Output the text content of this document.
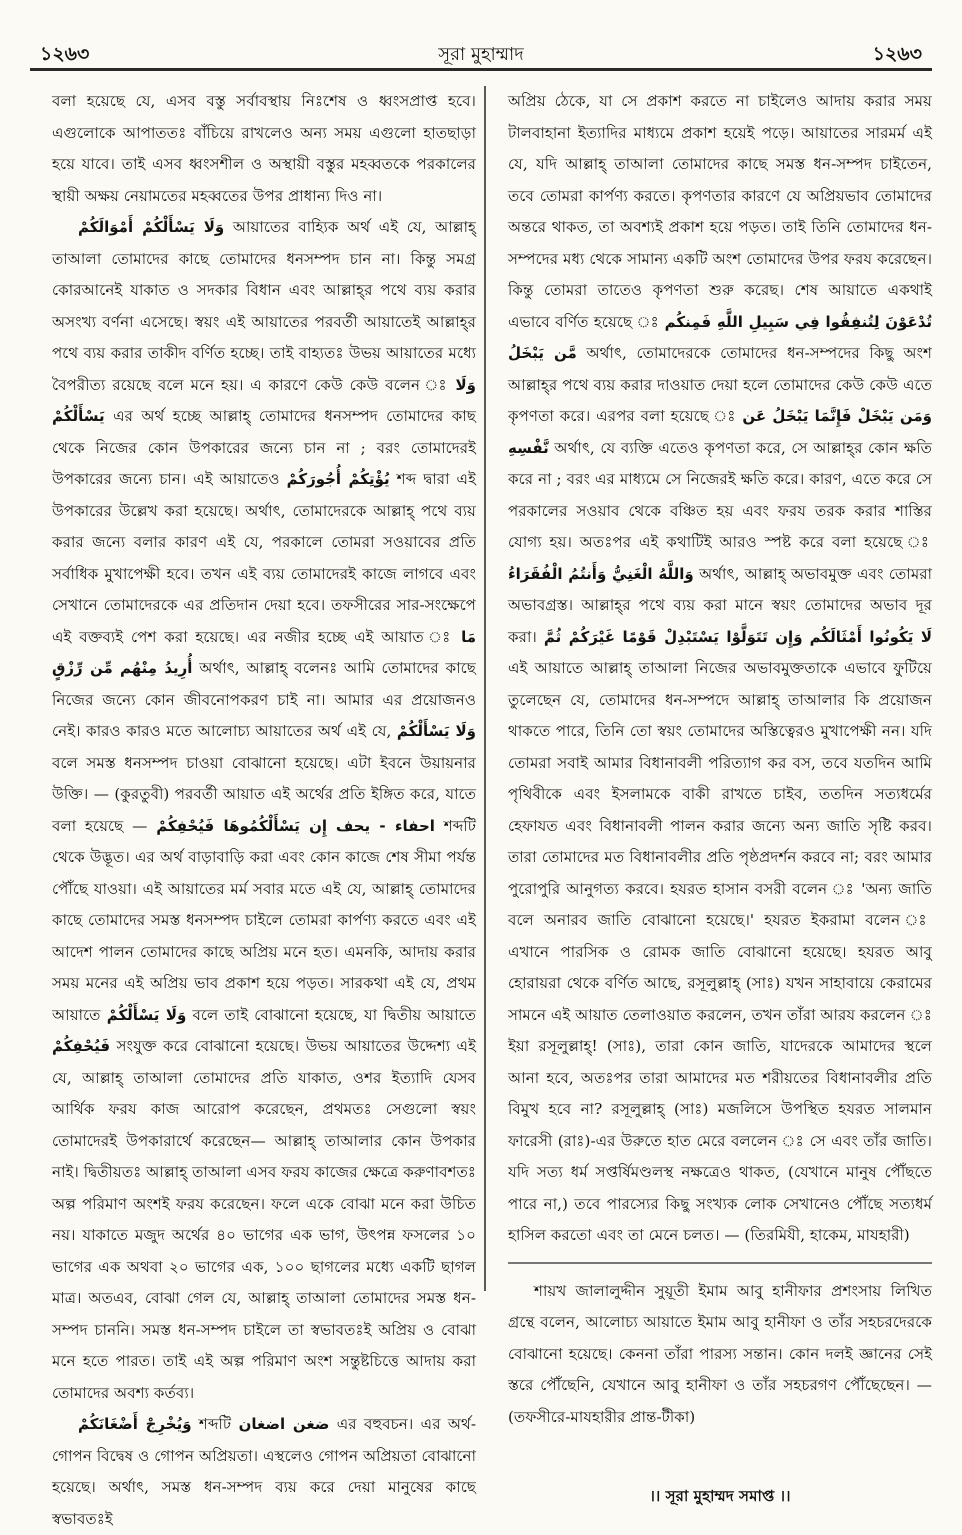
১২৬৩	সূরা মুহাম্মাদ	১২৬৩

বলা হয়েছে যে, এসব বস্তু সর্বাবস্থায় নিঃশেষ ও ধ্বংসপ্রাপ্ত হবে। এগুলোকে আপাততঃ বাঁচিয়ে রাখলেও অন্য সময় এগুলো হাতছাড়া হয়ে যাবে। তাই এসব ধ্বংসশীল ও অস্থায়ী বস্তুর মহব্বতকে পরকালের স্থায়ী অক্ষয় নেয়ামতের মহব্বতের উপর প্রাধান্য দিও না।

وَلَا يَسْأَلْكُمْ أَمْوَالَكُمْ আয়াতের বাহ্যিক অর্থ এই যে, আল্লাহ্ তাআলা তোমাদের কাছে তোমাদের ধনসম্পদ চান না। কিন্তু সমগ্র কোরআনেই যাকাত ও সদকার বিধান এবং আল্লাহ্‌র পথে ব্যয় করার অসংখ্য বর্ণনা এসেছে। স্বয়ং এই আয়াতের পরবর্তী আয়াতেই আল্লাহ্‌র পথে ব্যয় করার তাকীদ বর্ণিত হচ্ছে। তাই বাহ্যতঃ উভয় আয়াতের মধ্যে বৈপরীত্য রয়েছে বলে মনে হয়। এ কারণে কেউ কেউ বলেন ঃ وَلَا يَسْأَلْكُمْ এর অর্থ হচ্ছে আল্লাহ্ তোমাদের ধনসম্পদ তোমাদের কাছ থেকে নিজের কোন উপকারের জন্যে চান না ; বরং তোমাদেরই উপকারের জন্যে চান। এই আয়াতেও يُؤْتِكُمْ أُجُورَكُمْ শব্দ দ্বারা এই উপকারের উল্লেখ করা হয়েছে। অর্থাৎ, তোমাদেরকে আল্লাহ্‌ পথে ব্যয় করার জন্যে বলার কারণ এই যে, পরকালে তোমরা সওয়াবের প্রতি সর্বাধিক মুখাপেক্ষী হবে। তখন এই ব্যয় তোমাদেরই কাজে লাগবে এবং সেখানে তোমাদেরকে এর প্রতিদান দেয়া হবে। তফসীরের সার-সংক্ষেপে এই বক্তব্যই পেশ করা হয়েছে। এর নজীর হচ্ছে এই আয়াত ঃ مَا أُرِيدُ مِنْهُم مِّن رِّزْقٍ অর্থাৎ, আল্লাহ্ বলেনঃ আমি তোমাদের কাছে নিজের জন্যে কোন জীবনোপকরণ চাই না। আমার এর প্রয়োজনও নেই। কারও কারও মতে আলোচ্য আয়াতের অর্থ এই যে, وَلَا يَسْأَلْكُمْ বলে সমস্ত ধনসম্পদ চাওয়া বোঝানো হয়েছে। এটা ইবনে উয়ায়নার উক্তি। — (কুরতুবী) পরবর্তী আয়াত এই অর্থের প্রতি ইঙ্গিত করে, যাতে বলা হয়েছে — إِن يَسْأَلْكُمُوهَا فَيُحْفِكُمْ احفاء - يحف শব্দটি থেকে উদ্ভূত। এর অর্থ বাড়াবাড়ি করা এবং কোন কাজে শেষ সীমা পর্যন্ত পৌঁছে যাওয়া। এই আয়াতের মর্ম সবার মতে এই যে, আল্লাহ্ তোমাদের কাছে তোমাদের সমস্ত ধনসম্পদ চাইলে তোমরা কার্পণ্য করতে এবং এই আদেশ পালন তোমাদের কাছে অপ্রিয় মনে হত। এমনকি, আদায় করার সময় মনের এই অপ্রিয় ভাব প্রকাশ হয়ে পড়ত। সারকথা এই যে, প্রথম আয়াতে وَلَا يَسْأَلْكُمْ বলে তাই বোঝানো হয়েছে, যা দ্বিতীয় আয়াতে فَيُحْفِكُمْ সংযুক্ত করে বোঝানো হয়েছে। উভয় আয়াতের উদ্দেশ্য এই যে, আল্লাহ্ তাআলা তোমাদের প্রতি যাকাত, ওশর ইত্যাদি যেসব আর্থিক ফরয কাজ আরোপ করেছেন, প্রথমতঃ সেগুলো স্বয়ং তোমাদেরই উপকারার্থে করেছেন— আল্লাহ্ তাআলার কোন উপকার নাই। দ্বিতীয়তঃ আল্লাহ্ তাআলা এসব ফরয কাজের ক্ষেত্রে করুণাবশতঃ অল্প পরিমাণ অংশই ফরয করেছেন। ফলে একে বোঝা মনে করা উচিত নয়। যাকাতে মজুদ অর্থের ৪০ ভাগের এক ভাগ, উৎপন্ন ফসলের ১০ ভাগের এক অথবা ২০ ভাগের এক, ১০০ ছাগলের মধ্যে একটি ছাগল মাত্র। অতএব, বোঝা গেল যে, আল্লাহ্ তাআলা তোমাদের সমস্ত ধন-সম্পদ চাননি। সমস্ত ধন-সম্পদ চাইলে তা স্বভাবতঃই অপ্রিয় ও বোঝা মনে হতে পারত। তাই এই অল্প পরিমাণ অংশ সন্তুষ্টচিত্তে আদায় করা তোমাদের অবশ্য কর্তব্য।

وَيُخْرِجْ أَضْغَانَكُمْ শব্দটি ضغن اضغان এর বহুবচন। এর অর্থ-গোপন বিদ্বেষ ও গোপন অপ্রিয়তা। এস্থলেও গোপন অপ্রিয়তা বোঝানো হয়েছে। অর্থাৎ, সমস্ত ধন-সম্পদ ব্যয় করে দেয়া মানুষের কাছে স্বভাবতঃই

অপ্রিয় ঠেকে, যা সে প্রকাশ করতে না চাইলেও আদায় করার সময় টালবাহানা ইত্যাদির মাধ্যমে প্রকাশ হয়েই পড়ে। আয়াতের সারমর্ম এই যে, যদি আল্লাহ্ তাআলা তোমাদের কাছে সমস্ত ধন-সম্পদ চাইতেন, তবে তোমরা কার্পণ্য করতে। কৃপণতার কারণে যে অপ্রিয়ভাব তোমাদের অন্তরে থাকত, তা অবশ্যই প্রকাশ হয়ে পড়ত। তাই তিনি তোমাদের ধন-সম্পদের মধ্য থেকে সামান্য একটি অংশ তোমাদের উপর ফরয করেছেন। কিন্তু তোমরা তাতেও কৃপণতা শুরু করেছ। শেষ আয়াতে একথাই এভাবে বর্ণিত হয়েছে ঃ تُدْعَوْنَ لِتُنفِقُوا فِي سَبِيلِ اللَّهِ فَمِنكُم مَّن يَبْخَلُ অর্থাৎ, তোমাদেরকে তোমাদের ধন-সম্পদের কিছু অংশ আল্লাহ্‌র পথে ব্যয় করার দাওয়াত দেয়া হলে তোমাদের কেউ কেউ এতে কৃপণতা করে। এরপর বলা হয়েছে ঃ وَمَن يَبْخَلْ فَإِنَّمَا يَبْخَلُ عَن نَّفْسِهِ অর্থাৎ, যে ব্যক্তি এতেও কৃপণতা করে, সে আল্লাহ্‌র কোন ক্ষতি করে না ; বরং এর মাধ্যমে সে নিজেরই ক্ষতি করে। কারণ, এতে করে সে পরকালের সওয়াব থেকে বঞ্চিত হয় এবং ফরয তরক করার শাস্তির যোগ্য হয়। অতঃপর এই কথাটিই আরও স্পষ্ট করে বলা হয়েছে ঃ وَاللَّهُ الْغَنِيُّ وَأَنتُمُ الْفُقَرَاءُ অর্থাৎ, আল্লাহ্ অভাবমুক্ত এবং তোমরা অভাবগ্রস্ত। আল্লাহ্‌র পথে ব্যয় করা মানে স্বয়ং তোমাদের অভাব দূর করা। وَإِن تَتَوَلَّوْا يَسْتَبْدِلْ قَوْمًا غَيْرَكُمْ ثُمَّ لَا يَكُونُوا أَمْثَالَكُم এই আয়াতে আল্লাহ্ তাআলা নিজের অভাবমুক্ততাকে এভাবে ফুটিয়ে তুলেছেন যে, তোমাদের ধন-সম্পদে আল্লাহ্ তাআলার কি প্রয়োজন থাকতে পারে, তিনি তো স্বয়ং তোমাদের অস্তিত্বেরও মুখাপেক্ষী নন। যদি তোমরা সবাই আমার বিধানাবলী পরিত্যাগ কর বস, তবে যতদিন আমি পৃথিবীকে এবং ইসলামকে বাকী রাখতে চাইব, ততদিন সত্যধর্মের হেফাযত এবং বিধানাবলী পালন করার জন্যে অন্য জাতি সৃষ্টি করব। তারা তোমাদের মত বিধানাবলীর প্রতি পৃষ্ঠপ্রদর্শন করবে না; বরং আমার পুরোপুরি আনুগত্য করবে। হযরত হাসান বসরী বলেন ঃ 'অন্য জাতি বলে অনারব জাতি বোঝানো হয়েছে।' হযরত ইকরামা বলেন ঃ এখানে পারসিক ও রোমক জাতি বোঝানো হয়েছে। হযরত আবু হোরায়রা থেকে বর্ণিত আছে, রসূলুল্লাহ্ (সাঃ) যখন সাহাবায়ে কেরামের সামনে এই আয়াত তেলাওয়াত করলেন, তখন তাঁরা আরয করলেন ঃ ইয়া রসূলুল্লাহ্! (সাঃ), তারা কোন জাতি, যাদেরকে আমাদের স্থলে আনা হবে, অতঃপর তারা আমাদের মত শরীয়তের বিধানাবলীর প্রতি বিমুখ হবে না? রসূলুল্লাহ্ (সাঃ) মজলিসে উপস্থিত হযরত সালমান ফারেসী (রাঃ)-এর উরুতে হাত মেরে বললেন ঃ সে এবং তাঁর জাতি। যদি সত্য ধর্ম সপ্তর্ষিমণ্ডলস্থ নক্ষত্রেও থাকত, (যেখানে মানুষ পৌঁছতে পারে না,) তবে পারস্যের কিছু সংখ্যক লোক সেখানেও পৌঁছে সত্যধর্ম হাসিল করতো এবং তা মেনে চলত। — (তিরমিযী, হাকেম, মাযহারী)

শায়খ জালালুদ্দীন সুয়ূতী ইমাম আবু হানীফার প্রশংসায় লিখিত গ্রন্থে বলেন, আলোচ্য আয়াতে ইমাম আবু হানীফা ও তাঁর সহচরদেরকে বোঝানো হয়েছে। কেননা তাঁরা পারস্য সন্তান। কোন দলই জ্ঞানের সেই স্তরে পৌঁছেনি, যেখানে আবু হানীফা ও তাঁর সহচরগণ পৌঁছেছেন। — (তফসীরে-মাযহারীর প্রান্ত-টীকা)

।। সূরা মুহাম্মদ সমাপ্ত ।।
